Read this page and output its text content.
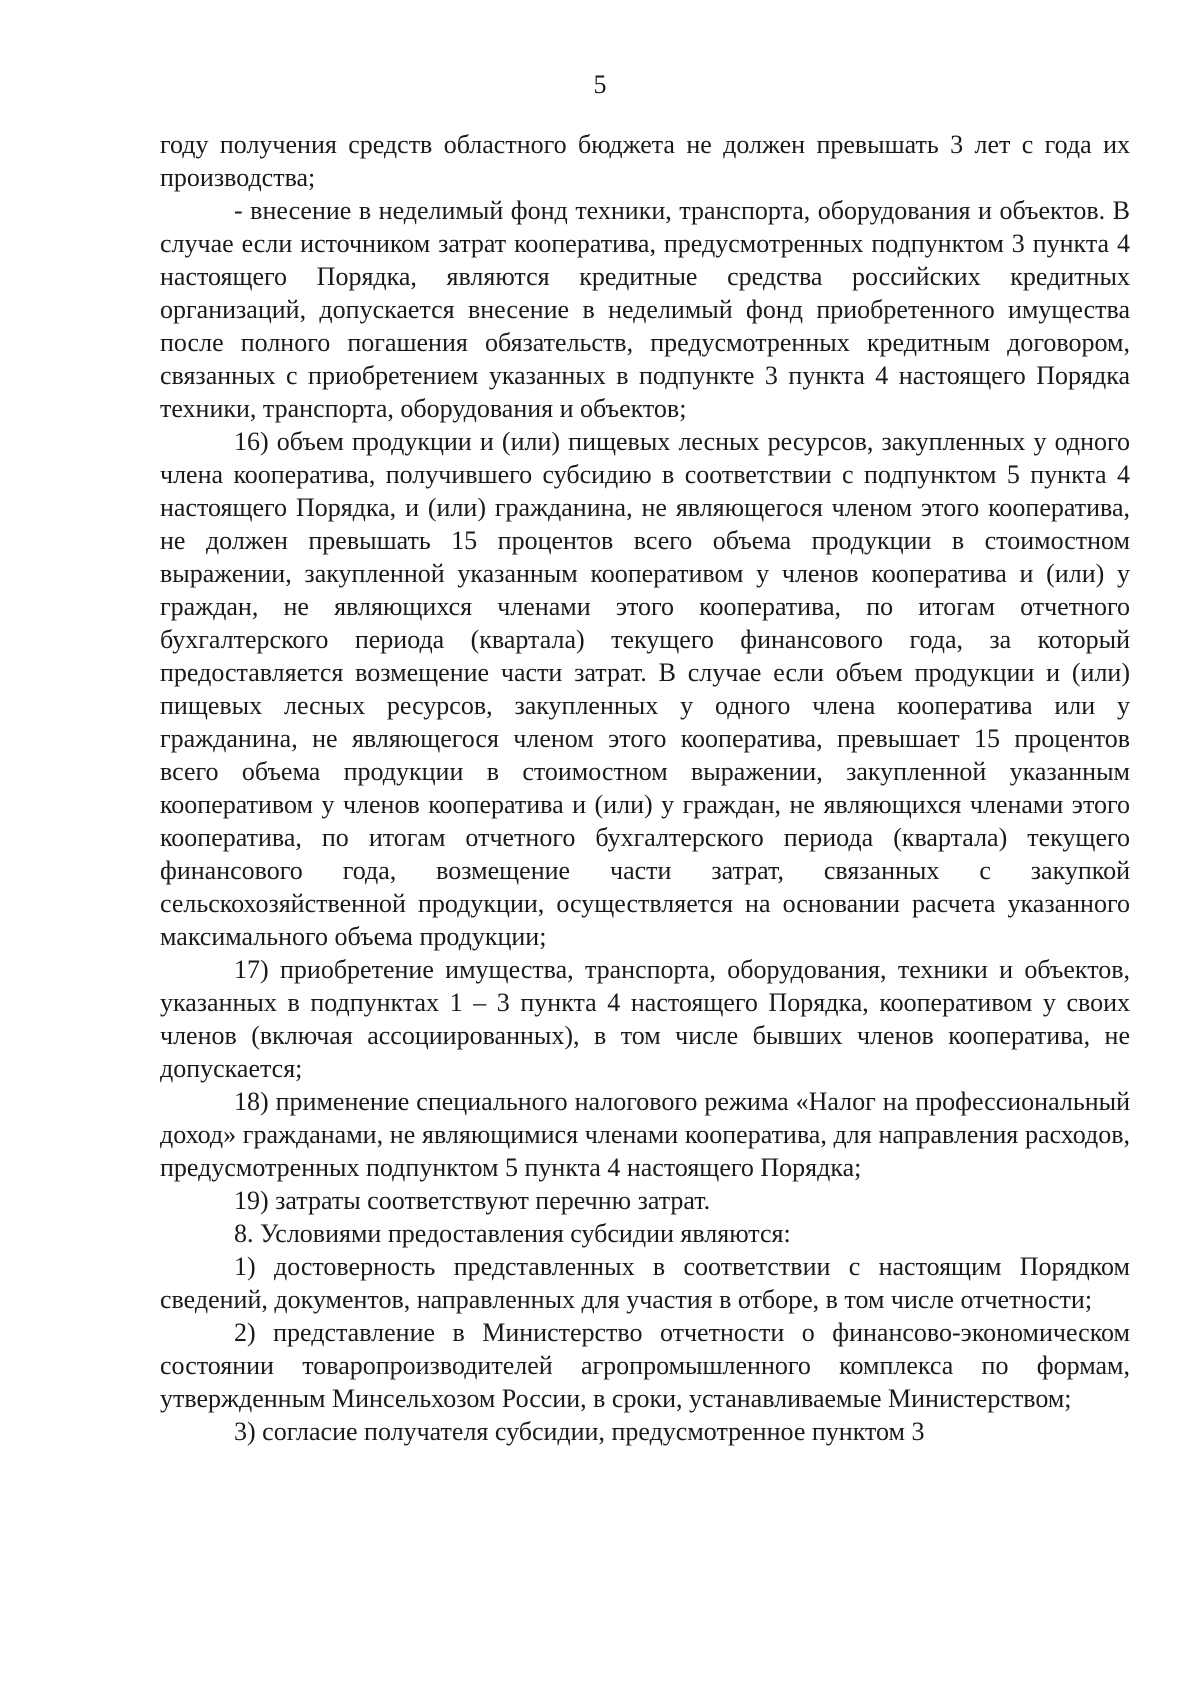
5

году получения средств областного бюджета не должен превышать 3 лет с года их производства;

- внесение в неделимый фонд техники, транспорта, оборудования и объектов. В случае если источником затрат кооператива, предусмотренных подпунктом 3 пункта 4 настоящего Порядка, являются кредитные средства российских кредитных организаций, допускается внесение в неделимый фонд приобретенного имущества после полного погашения обязательств, предусмотренных кредитным договором, связанных с приобретением указанных в подпункте 3 пункта 4 настоящего Порядка техники, транспорта, оборудования и объектов;

16) объем продукции и (или) пищевых лесных ресурсов, закупленных у одного члена кооператива, получившего субсидию в соответствии с подпунктом 5 пункта 4 настоящего Порядка, и (или) гражданина, не являющегося членом этого кооператива, не должен превышать 15 процентов всего объема продукции в стоимостном выражении, закупленной указанным кооперативом у членов кооператива и (или) у граждан, не являющихся членами этого кооператива, по итогам отчетного бухгалтерского периода (квартала) текущего финансового года, за который предоставляется возмещение части затрат. В случае если объем продукции и (или) пищевых лесных ресурсов, закупленных у одного члена кооператива или у гражданина, не являющегося членом этого кооператива, превышает 15 процентов всего объема продукции в стоимостном выражении, закупленной указанным кооперативом у членов кооператива и (или) у граждан, не являющихся членами этого кооператива, по итогам отчетного бухгалтерского периода (квартала) текущего финансового года, возмещение части затрат, связанных с закупкой сельскохозяйственной продукции, осуществляется на основании расчета указанного максимального объема продукции;

17) приобретение имущества, транспорта, оборудования, техники и объектов, указанных в подпунктах 1 – 3 пункта 4 настоящего Порядка, кооперативом у своих членов (включая ассоциированных), в том числе бывших членов кооператива, не допускается;

18) применение специального налогового режима «Налог на профессиональный доход» гражданами, не являющимися членами кооператива, для направления расходов, предусмотренных подпунктом 5 пункта 4 настоящего Порядка;

19) затраты соответствуют перечню затрат.

8. Условиями предоставления субсидии являются:

1) достоверность представленных в соответствии с настоящим Порядком сведений, документов, направленных для участия в отборе, в том числе отчетности;

2) представление в Министерство отчетности о финансово-экономическом состоянии товаропроизводителей агропромышленного комплекса по формам, утвержденным Минсельхозом России, в сроки, устанавливаемые Министерством;

3) согласие получателя субсидии, предусмотренное пунктом 3
